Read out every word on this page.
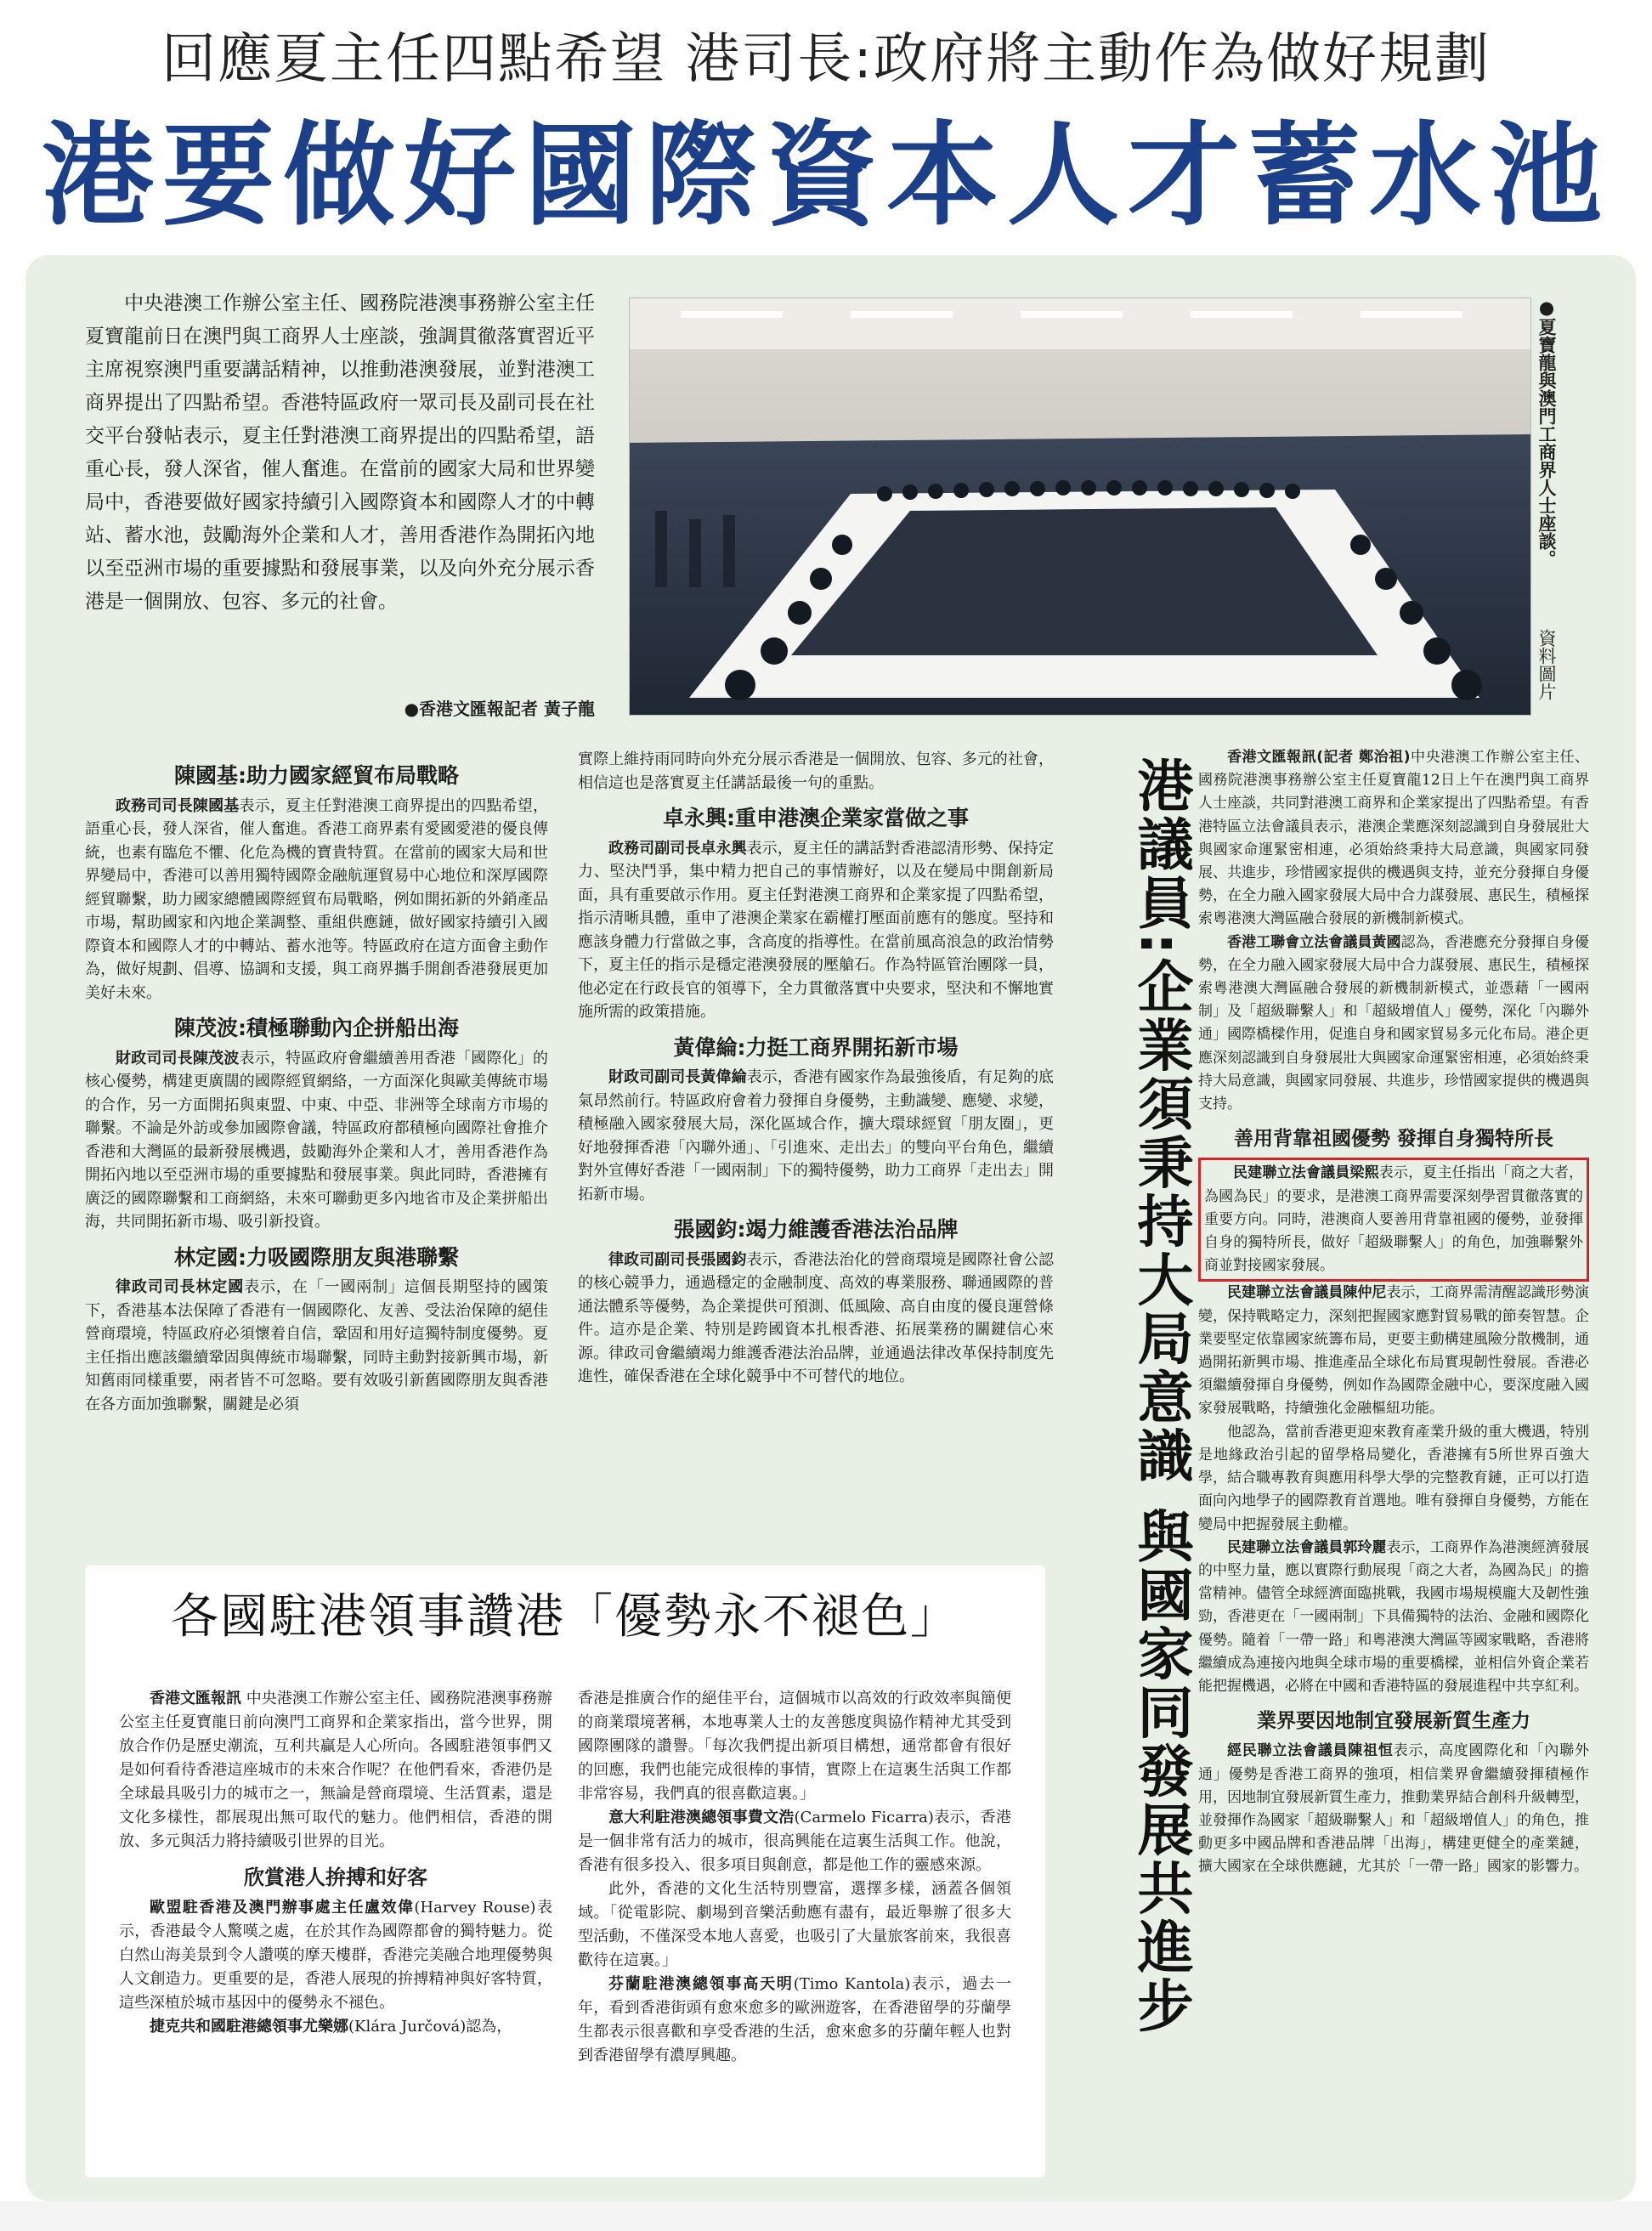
回應夏主任四點希望 港司長:政府將主動作為做好規劃
港要做好國際資本人才蓄水池
中央港澳工作辦公室主任、國務院港澳事務辦公室主任夏寶龍前日在澳門與工商界人士座談，強調貫徹落實習近平主席視察澳門重要講話精神，以推動港澳發展，並對港澳工商界提出了四點希望。香港特區政府一眾司長及副司長在社交平台發帖表示，夏主任對港澳工商界提出的四點希望，語重心長，發人深省，催人奮進。在當前的國家大局和世界變局中，香港要做好國家持續引入國際資本和國際人才的中轉站、蓄水池，鼓勵海外企業和人才，善用香港作為開拓內地以至亞洲市場的重要據點和發展事業，以及向外充分展示香港是一個開放、包容、多元的社會。
●香港文匯報記者 黃子龍
●夏寶龍與澳門工商界人士座談。
資料圖片
陳國基:助力國家經貿布局戰略

政務司司長陳國基表示，夏主任對港澳工商界提出的四點希望，語重心長，發人深省，催人奮進。香港工商界素有愛國愛港的優良傳統，也素有臨危不懼、化危為機的寶貴特質。在當前的國家大局和世界變局中，香港可以善用獨特國際金融航運貿易中心地位和深厚國際經貿聯繫，助力國家總體國際經貿布局戰略，例如開拓新的外銷產品市場，幫助國家和內地企業調整、重組供應鏈，做好國家持續引入國際資本和國際人才的中轉站、蓄水池等。特區政府在這方面會主動作為，做好規劃、倡導、協調和支援，與工商界攜手開創香港發展更加美好未來。

陳茂波:積極聯動內企拼船出海

財政司司長陳茂波表示，特區政府會繼續善用香港「國際化」的核心優勢，構建更廣闊的國際經貿網絡，一方面深化與歐美傳統市場的合作，另一方面開拓與東盟、中東、中亞、非洲等全球南方市場的聯繫。不論是外訪或參加國際會議，特區政府都積極向國際社會推介香港和大灣區的最新發展機遇，鼓勵海外企業和人才，善用香港作為開拓內地以至亞洲市場的重要據點和發展事業。與此同時，香港擁有廣泛的國際聯繫和工商網絡，未來可聯動更多內地省市及企業拼船出海，共同開拓新市場、吸引新投資。

林定國:力吸國際朋友與港聯繫

律政司司長林定國表示，在「一國兩制」這個長期堅持的國策下，香港基本法保障了香港有一個國際化、友善、受法治保障的絕佳營商環境，特區政府必須懷着自信，鞏固和用好這獨特制度優勢。夏主任指出應該繼續鞏固與傳統市場聯繫，同時主動對接新興市場，新知舊雨同樣重要，兩者皆不可忽略。要有效吸引新舊國際朋友與香港在各方面加強聯繫，關鍵是必須

實際上維持雨同時向外充分展示香港是一個開放、包容、多元的社會，相信這也是落實夏主任講話最後一句的重點。

卓永興:重申港澳企業家當做之事

政務司副司長卓永興表示，夏主任的講話對香港認清形勢、保持定力、堅決鬥爭，集中精力把自己的事情辦好，以及在變局中開創新局面，具有重要啟示作用。夏主任對港澳工商界和企業家提了四點希望，指示清晰具體，重申了港澳企業家在霸權打壓面前應有的態度。堅持和應該身體力行當做之事，含高度的指導性。在當前風高浪急的政治情勢下，夏主任的指示是穩定港澳發展的壓艙石。作為特區管治團隊一員，他必定在行政長官的領導下，全力貫徹落實中央要求，堅決和不懈地實施所需的政策措施。

黃偉綸:力挺工商界開拓新市場

財政司副司長黃偉綸表示，香港有國家作為最強後盾，有足夠的底氣昂然前行。特區政府會着力發揮自身優勢，主動識變、應變、求變，積極融入國家發展大局，深化區域合作，擴大環球經貿「朋友圈」，更好地發揮香港「內聯外通」、「引進來、走出去」的雙向平台角色，繼續對外宣傳好香港「一國兩制」下的獨特優勢，助力工商界「走出去」開拓新市場。

張國鈞:竭力維護香港法治品牌

律政司副司長張國鈞表示，香港法治化的營商環境是國際社會公認的核心競爭力，通過穩定的金融制度、高效的專業服務、聯通國際的普通法體系等優勢，為企業提供可預測、低風險、高自由度的優良運營條件。這亦是企業、特別是跨國資本扎根香港、拓展業務的關鍵信心來源。律政司會繼續竭力維護香港法治品牌，並通過法律改革保持制度先進性，確保香港在全球化競爭中不可替代的地位。	港議員:企業須秉持大局意識 與國家同發展共進步	香港文匯報訊(記者 鄭治祖)中央港澳工作辦公室主任、國務院港澳事務辦公室主任夏寶龍12日上午在澳門與工商界人士座談，共同對港澳工商界和企業家提出了四點希望。有香港特區立法會議員表示，港澳企業應深刻認識到自身發展壯大與國家命運緊密相連，必須始終秉持大局意識，與國家同發展、共進步，珍惜國家提供的機遇與支持，並充分發揮自身優勢，在全力融入國家發展大局中合力謀發展、惠民生，積極探索粵港澳大灣區融合發展的新機制新模式。

香港工聯會立法會議員黃國認為，香港應充分發揮自身優勢，在全力融入國家發展大局中合力謀發展、惠民生，積極探索粵港澳大灣區融合發展的新機制新模式，並憑藉「一國兩制」及「超級聯繫人」和「超級增值人」優勢，深化「內聯外通」國際橋樑作用，促進自身和國家貿易多元化布局。港企更應深刻認識到自身發展壯大與國家命運緊密相連，必須始終秉持大局意識，與國家同發展、共進步，珍惜國家提供的機遇與支持。

善用背靠祖國優勢 發揮自身獨特所長

民建聯立法會議員梁熙表示，夏主任指出「商之大者，為國為民」的要求，是港澳工商界需要深刻學習貫徹落實的重要方向。同時，港澳商人要善用背靠祖國的優勢，並發揮自身的獨特所長，做好「超級聯繫人」的角色，加強聯繫外商並對接國家發展。

民建聯立法會議員陳仲尼表示，工商界需清醒認識形勢演變，保持戰略定力，深刻把握國家應對貿易戰的節奏智慧。企業要堅定依靠國家統籌布局，更要主動構建風險分散機制，通過開拓新興市場、推進產品全球化布局實現韌性發展。香港必須繼續發揮自身優勢，例如作為國際金融中心，要深度融入國家發展戰略，持續強化金融樞紐功能。

他認為，當前香港更迎來教育產業升級的重大機遇，特別是地緣政治引起的留學格局變化，香港擁有5所世界百強大學，結合職專教育與應用科學大學的完整教育鏈，正可以打造面向內地學子的國際教育首選地。唯有發揮自身優勢，方能在變局中把握發展主動權。

民建聯立法會議員郭玲麗表示，工商界作為港澳經濟發展的中堅力量，應以實際行動展現「商之大者，為國為民」的擔當精神。儘管全球經濟面臨挑戰，我國市場規模龐大及韌性強勁，香港更在「一國兩制」下具備獨特的法治、金融和國際化優勢。隨着「一帶一路」和粵港澳大灣區等國家戰略，香港將繼續成為連接內地與全球市場的重要橋樑，並相信外資企業若能把握機遇，必將在中國和香港特區的發展進程中共享紅利。

業界要因地制宜發展新質生產力

經民聯立法會議員陳祖恒表示，高度國際化和「內聯外通」優勢是香港工商界的強項，相信業界會繼續發揮積極作用，因地制宜發展新質生產力，推動業界結合創科升級轉型，並發揮作為國家「超級聯繫人」和「超級增值人」的角色，推動更多中國品牌和香港品牌「出海」，構建更健全的產業鏈，擴大國家在全球供應鏈，尤其於「一帶一路」國家的影響力。

各國駐港領事讚港「優勢永不褪色」

香港文匯報訊 中央港澳工作辦公室主任、國務院港澳事務辦公室主任夏寶龍日前向澳門工商界和企業家指出，當今世界，開放合作仍是歷史潮流，互利共贏是人心所向。各國駐港領事們又是如何看待香港這座城市的未來合作呢？在他們看來，香港仍是全球最具吸引力的城市之一，無論是營商環境、生活質素，還是文化多樣性，都展現出無可取代的魅力。他們相信，香港的開放、多元與活力將持續吸引世界的目光。

欣賞港人拚搏和好客

歐盟駐香港及澳門辦事處主任盧效偉(Harvey Rouse)表示，香港最令人驚嘆之處，在於其作為國際都會的獨特魅力。從白然山海美景到令人讚嘆的摩天樓群，香港完美融合地理優勢與人文創造力。更重要的是，香港人展現的拚搏精神與好客特質，這些深植於城市基因中的優勢永不褪色。

捷克共和國駐港總領事尤樂娜(Klára Jurčová)認為，

香港是推廣合作的絕佳平台，這個城市以高效的行政效率與簡便的商業環境著稱，本地專業人士的友善態度與協作精神尤其受到國際團隊的讚譽。「每次我們提出新項目構想，通常都會有很好的回應，我們也能完成很棒的事情，實際上在這裏生活與工作都非常容易，我們真的很喜歡這裏。」

意大利駐港澳總領事費文浩(Carmelo Ficarra)表示，香港是一個非常有活力的城市，很高興能在這裏生活與工作。他說，香港有很多投入、很多項目與創意，都是他工作的靈感來源。

此外，香港的文化生活特別豐富，選擇多樣，涵蓋各個領域。「從電影院、劇場到音樂活動應有盡有，最近舉辦了很多大型活動，不僅深受本地人喜愛，也吸引了大量旅客前來，我很喜歡待在這裏。」

芬蘭駐港澳總領事高天明(Timo Kantola)表示，過去一年，看到香港街頭有愈來愈多的歐洲遊客，在香港留學的芬蘭學生都表示很喜歡和享受香港的生活，愈來愈多的芬蘭年輕人也對到香港留學有濃厚興趣。
